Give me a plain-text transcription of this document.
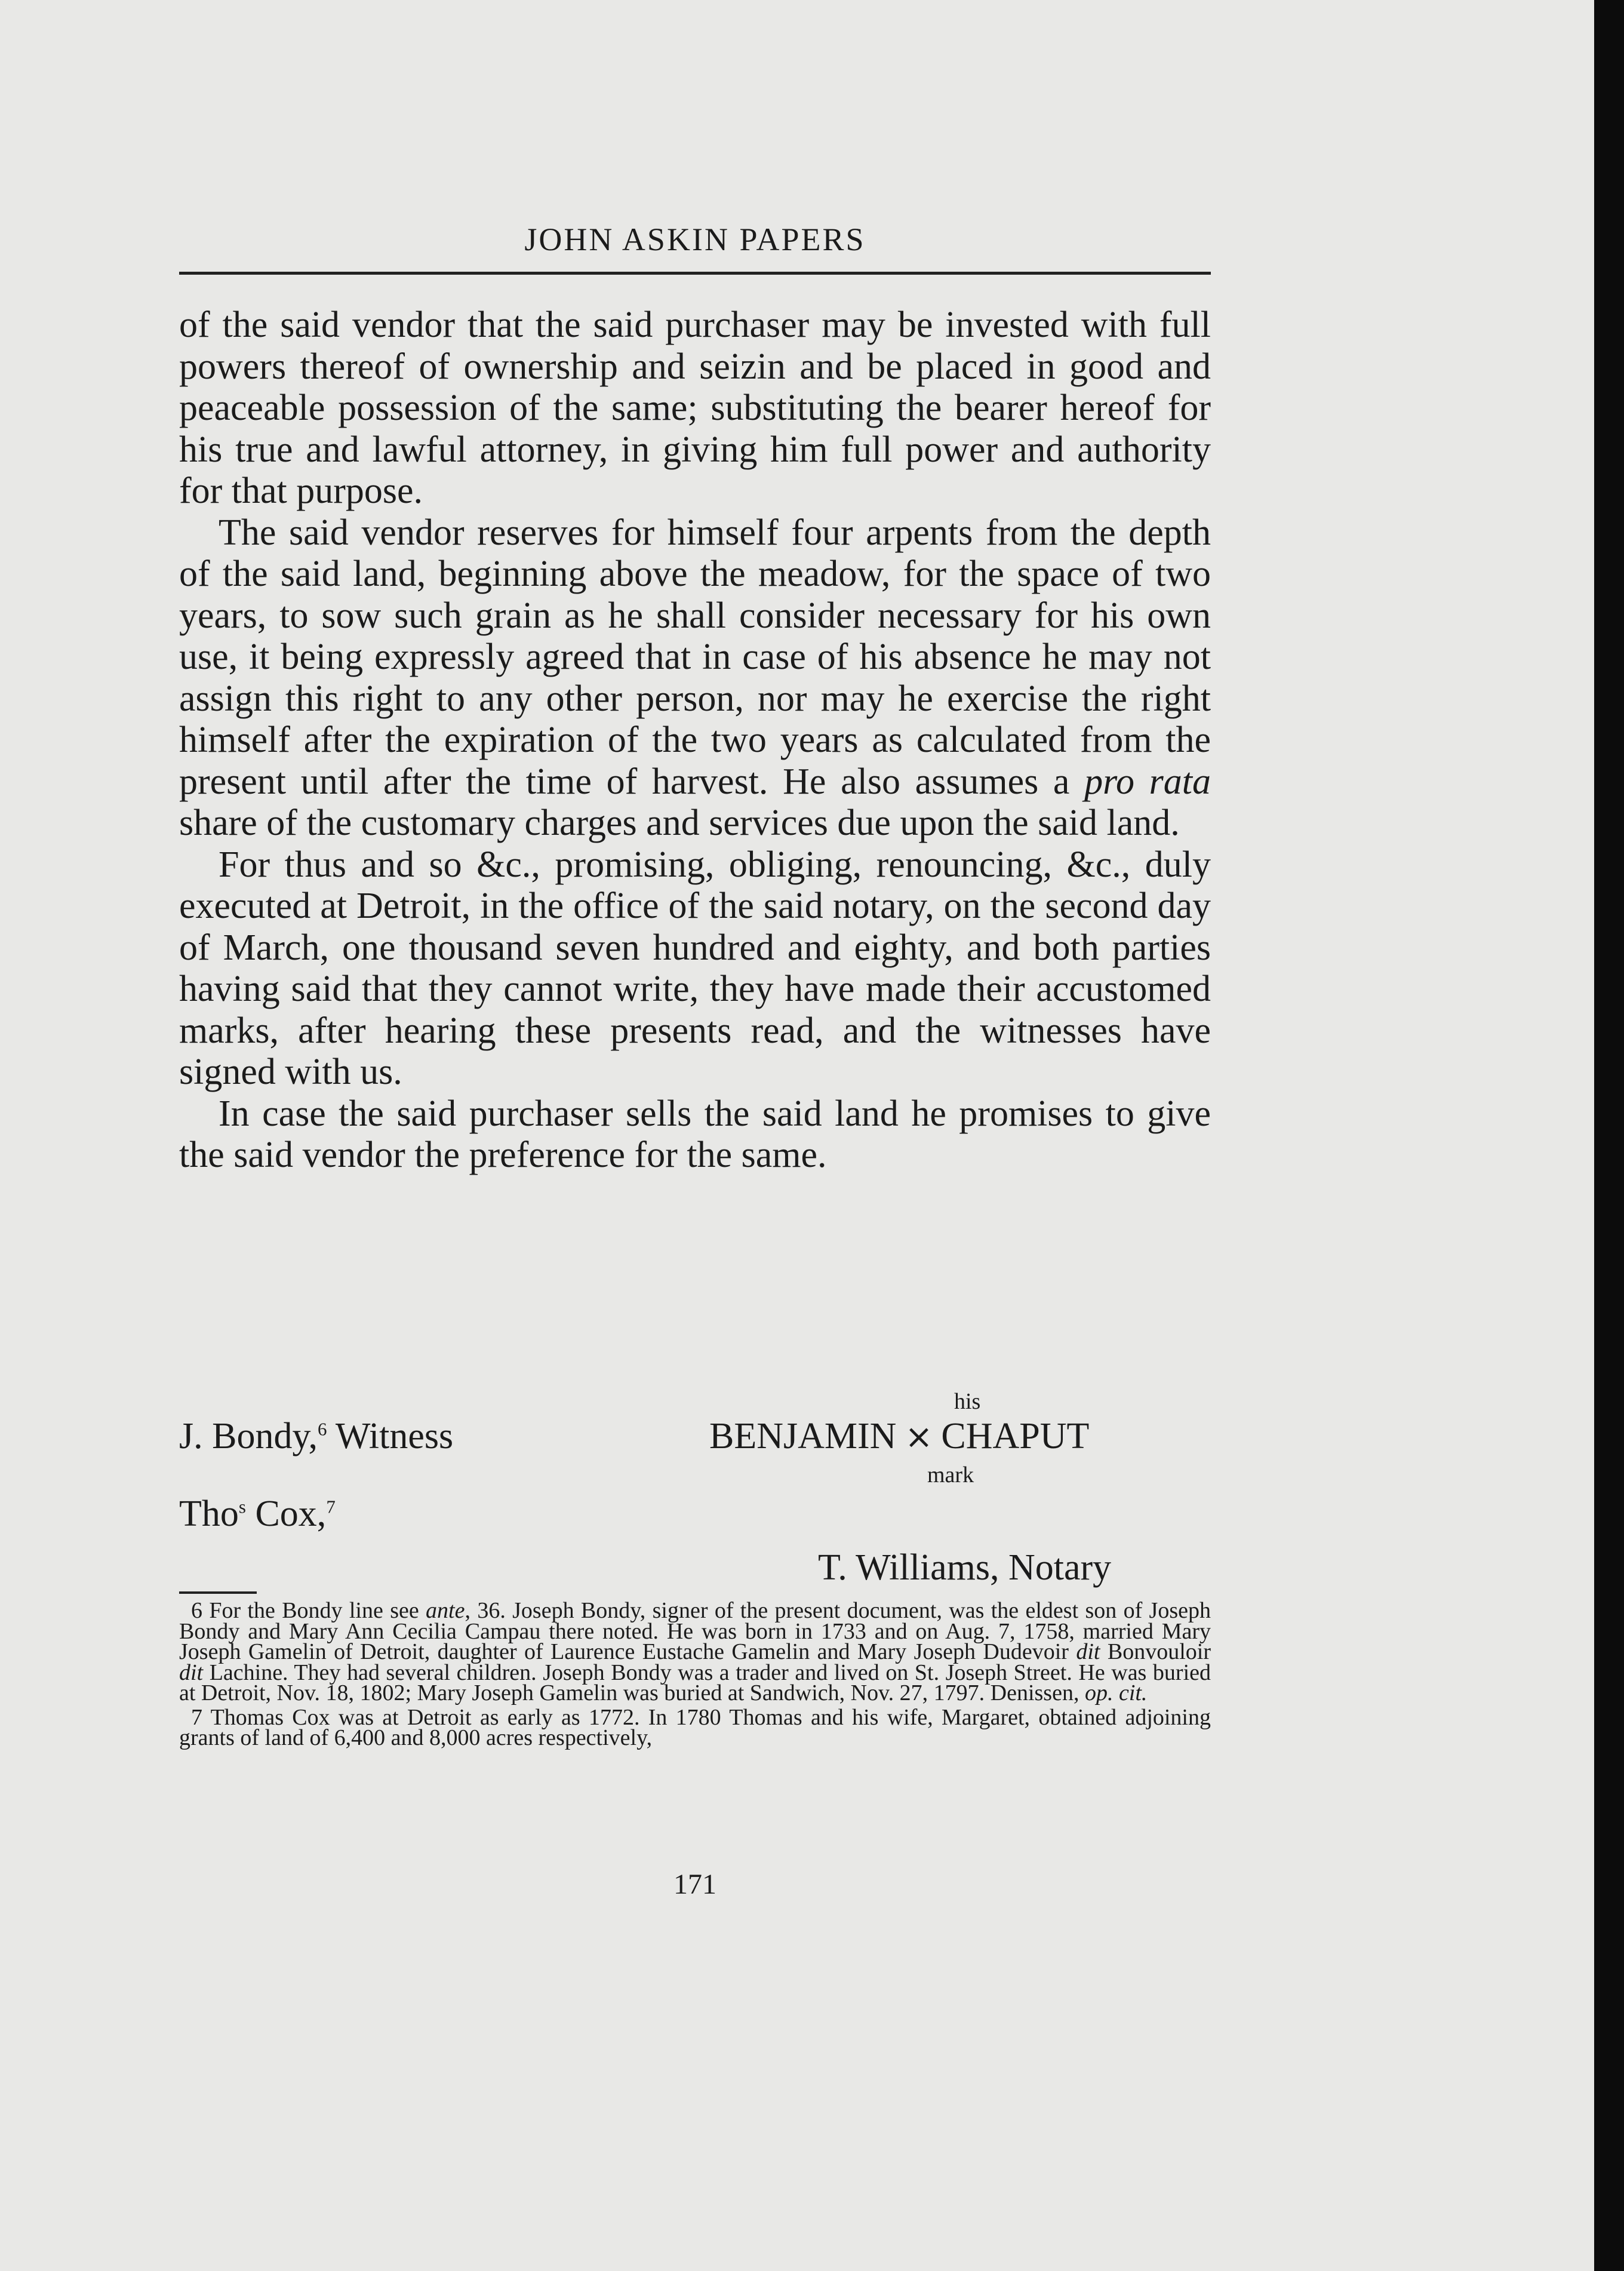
JOHN ASKIN PAPERS

of the said vendor that the said purchaser may be invested with full powers thereof of ownership and seizin and be placed in good and peaceable possession of the same; substituting the bearer hereof for his true and lawful attorney, in giving him full power and authority for that purpose.

The said vendor reserves for himself four arpents from the depth of the said land, beginning above the meadow, for the space of two years, to sow such grain as he shall consider necessary for his own use, it being expressly agreed that in case of his absence he may not assign this right to any other person, nor may he exercise the right himself after the expiration of the two years as calculated from the present until after the time of harvest. He also assumes a pro rata share of the customary charges and services due upon the said land.

For thus and so &c., promising, obliging, renouncing, &c., duly executed at Detroit, in the office of the said notary, on the second day of March, one thousand seven hundred and eighty, and both parties having said that they cannot write, they have made their accustomed marks, after hearing these presents read, and the witnesses have signed with us.

In case the said purchaser sells the said land he promises to give the said vendor the preference for the same.

J. Bondy,$^6$ Witness
his
BENJAMIN × CHAPUT
mark
Tho$^s$ Cox,$^7$
T. Williams, Notary

6 For the Bondy line see ante, 36. Joseph Bondy, signer of the present document, was the eldest son of Joseph Bondy and Mary Ann Cecilia Campau there noted. He was born in 1733 and on Aug. 7, 1758, married Mary Joseph Gamelin of Detroit, daughter of Laurence Eustache Gamelin and Mary Joseph Dudevoir dit Bonvouloir dit Lachine. They had several children. Joseph Bondy was a trader and lived on St. Joseph Street. He was buried at Detroit, Nov. 18, 1802; Mary Joseph Gamelin was buried at Sandwich, Nov. 27, 1797. Denissen, op. cit.

7 Thomas Cox was at Detroit as early as 1772. In 1780 Thomas and his wife, Margaret, obtained adjoining grants of land of 6,400 and 8,000 acres respectively,

171
